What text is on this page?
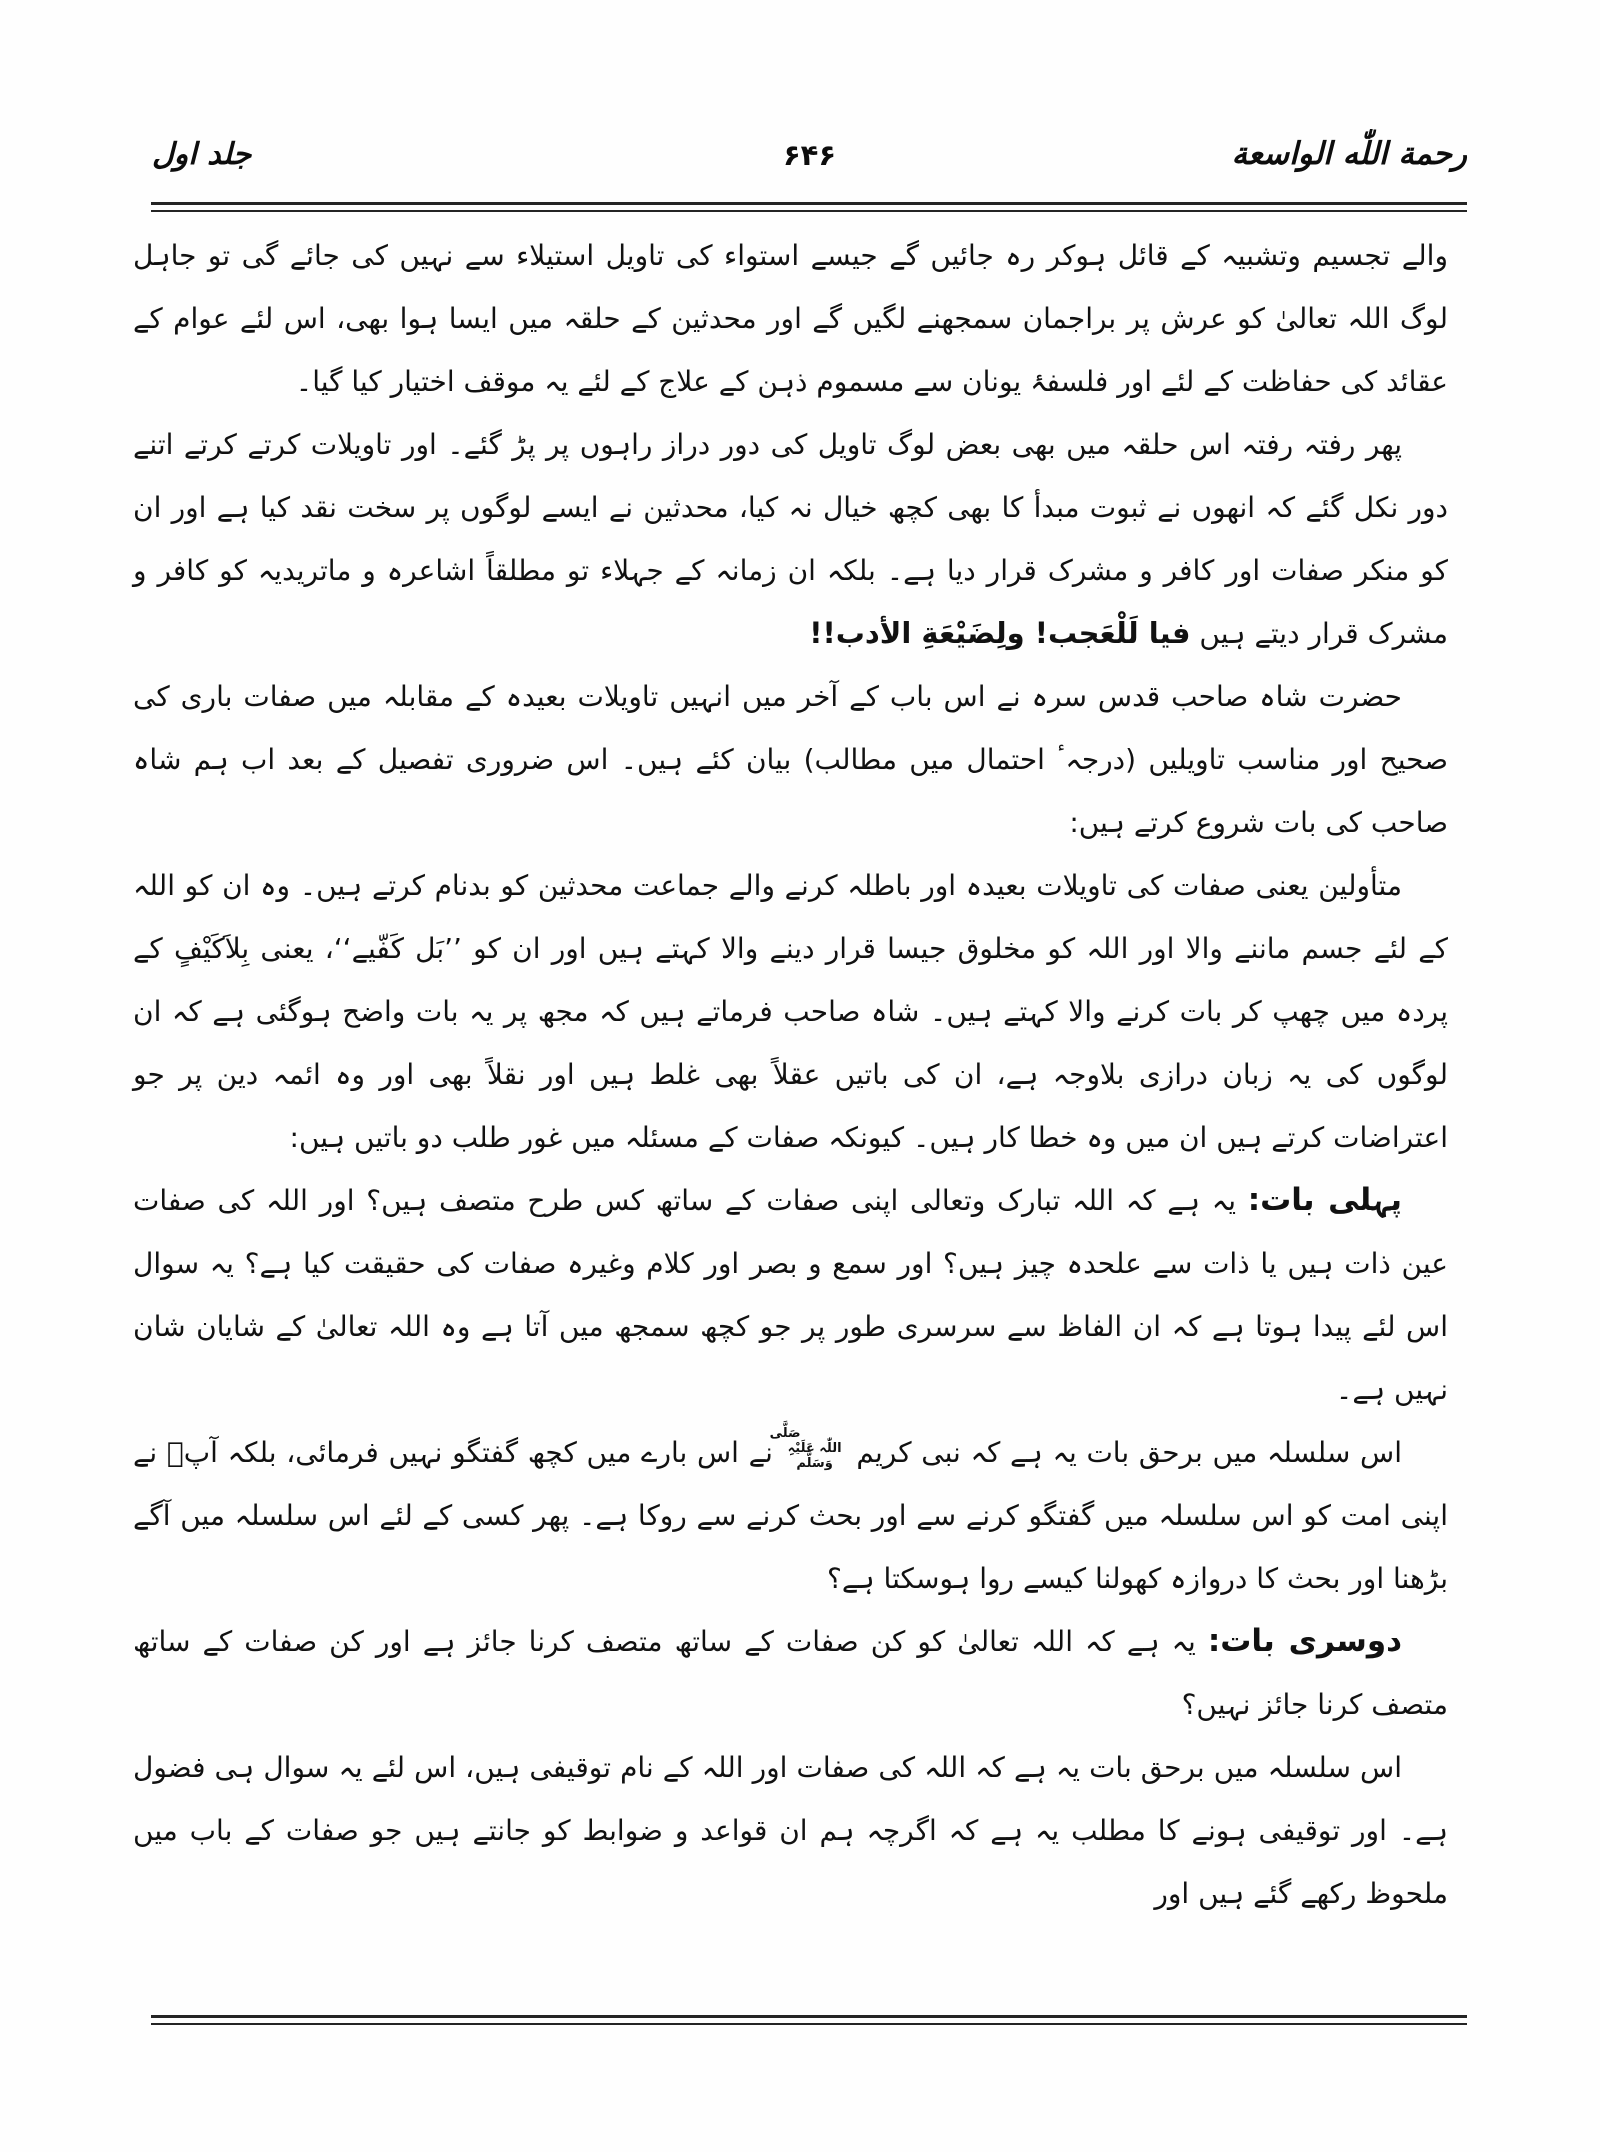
رحمة اللّٰه الواسعة
۶۴۶
جلد اول

والے تجسیم وتشبیہ کے قائل ہوکر رہ جائیں گے جیسے استواء کی تاویل استیلاء سے نہیں کی جائے گی تو جاہل لوگ اللہ تعالیٰ کو عرش پر براجمان سمجھنے لگیں گے اور محدثین کے حلقہ میں ایسا ہوا بھی، اس لئے عوام کے عقائد کی حفاظت کے لئے اور فلسفۂ یونان سے مسموم ذہن کے علاج کے لئے یہ موقف اختیار کیا گیا۔

پھر رفتہ رفتہ اس حلقہ میں بھی بعض لوگ تاویل کی دور دراز راہوں پر پڑ گئے۔ اور تاویلات کرتے کرتے اتنے دور نکل گئے کہ انھوں نے ثبوت مبدأ کا بھی کچھ خیال نہ کیا، محدثین نے ایسے لوگوں پر سخت نقد کیا ہے اور ان کو منکر صفات اور کافر و مشرک قرار دیا ہے۔ بلکہ ان زمانہ کے جہلاء تو مطلقاً اشاعرہ و ماتریدیہ کو کافر و مشرک قرار دیتے ہیں فیا لَلْعَجب! ولِضَیْعَةِ الأدب!!

حضرت شاہ صاحب قدس سرہ نے اس باب کے آخر میں انہیں تاویلات بعیدہ کے مقابلہ میں صفات باری کی صحیح اور مناسب تاویلیں (درجہٴ احتمال میں مطالب) بیان کئے ہیں۔ اس ضروری تفصیل کے بعد اب ہم شاہ صاحب کی بات شروع کرتے ہیں:

متأولین یعنی صفات کی تاویلات بعیدہ اور باطلہ کرنے والے جماعت محدثین کو بدنام کرتے ہیں۔ وہ ان کو اللہ کے لئے جسم ماننے والا اور اللہ کو مخلوق جیسا قرار دینے والا کہتے ہیں اور ان کو ’’بَل کَفّیے‘‘، یعنی بِلاَکَیْفٍ کے پردہ میں چھپ کر بات کرنے والا کہتے ہیں۔ شاہ صاحب فرماتے ہیں کہ مجھ پر یہ بات واضح ہوگئی ہے کہ ان لوگوں کی یہ زبان درازی بلاوجہ ہے، ان کی باتیں عقلاً بھی غلط ہیں اور نقلاً بھی اور وہ ائمہ دین پر جو اعتراضات کرتے ہیں ان میں وہ خطا کار ہیں۔ کیونکہ صفات کے مسئلہ میں غور طلب دو باتیں ہیں:

پہلی بات: یہ ہے کہ اللہ تبارک وتعالی اپنی صفات کے ساتھ کس طرح متصف ہیں؟ اور اللہ کی صفات عین ذات ہیں یا ذات سے علحدہ چیز ہیں؟ اور سمع و بصر اور کلام وغیرہ صفات کی حقیقت کیا ہے؟ یہ سوال اس لئے پیدا ہوتا ہے کہ ان الفاظ سے سرسری طور پر جو کچھ سمجھ میں آتا ہے وہ اللہ تعالیٰ کے شایان شان نہیں ہے۔

اس سلسلہ میں برحق بات یہ ہے کہ نبی کریم صَلَّی اللّٰہ عَلَیْہِ وَسَلَّم نے اس بارے میں کچھ گفتگو نہیں فرمائی، بلکہ آپؐ نے اپنی امت کو اس سلسلہ میں گفتگو کرنے سے اور بحث کرنے سے روکا ہے۔ پھر کسی کے لئے اس سلسلہ میں آگے بڑھنا اور بحث کا دروازہ کھولنا کیسے روا ہوسکتا ہے؟

دوسری بات: یہ ہے کہ اللہ تعالیٰ کو کن صفات کے ساتھ متصف کرنا جائز ہے اور کن صفات کے ساتھ متصف کرنا جائز نہیں؟

اس سلسلہ میں برحق بات یہ ہے کہ اللہ کی صفات اور اللہ کے نام توقیفی ہیں، اس لئے یہ سوال ہی فضول ہے۔ اور توقیفی ہونے کا مطلب یہ ہے کہ اگرچہ ہم ان قواعد و ضوابط کو جانتے ہیں جو صفات کے باب میں ملحوظ رکھے گئے ہیں اور
